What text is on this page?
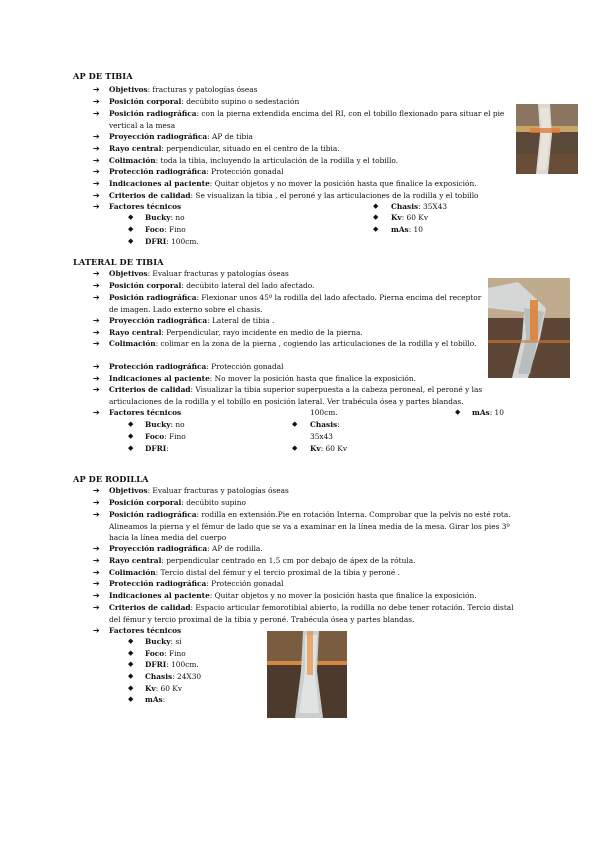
AP DE TIBIA
➔ Objetivos: fracturas y patologías óseas
➔ Posición corporal: decúbito supino o sedestación
➔ Posición radiográfica: con la pierna extendida encima del RI, con el tobillo flexionado para situar el pie vertical a la mesa
➔ Proyección radiográfica: AP de tibia
➔ Rayo central: perpendicular, situado en el centro de la tibia.
➔ Colimación: toda la tibia, incluyendo la articulación de la rodilla y el tobillo.
➔ Protección radiográfica: Protección gonadal
➔ Indicaciones al paciente: Quitar objetos y no mover la posición hasta que finalice la exposición.
➔ Criterios de calidad: Se visualizan la tibia , el peroné y las articulaciones de la rodilla y el tobillo
➔ Factores técnicos
◆ Bucky: no
◆ Foco: Fino
◆ DFRI: 100cm.
◆ Chasis: 35X43
◆ Kv: 60 Kv
◆ mAs: 10
LATERAL DE TIBIA
➔ Objetivos: Evaluar fracturas y patologías óseas
➔ Posición corporal: decúbito lateral del lado afectado.
➔ Posición radiográfica: Flexionar unos 45º la rodilla del lado afectado. Pierna encima del receptor de imagen. Lado externo sobre el chasis.
➔ Proyección radiográfica: Lateral de tibia .
➔ Rayo central: Perpendicular, rayo incidente en medio de la pierna.
➔ Colimación: colimar en la zona de la pierna , cogiendo las articulaciones de la rodilla y el tobillo.
➔ Protección radiográfica: Protección gonadal
➔ Indicaciones al paciente: No mover la posición hasta que finalice la exposición.
➔ Criterios de calidad: Visualizar la tibia superior superpuesta a la cabeza peroneal, el peroné y las articulaciones de la rodilla y el tobillo en posición lateral. Ver trabécula ósea y partes blandas.
➔ Factores técnicos
◆ Bucky: no
◆ Foco: Fino
◆ DFRI:
100cm.
◆ Chasis:
35x43
◆ Kv: 60 Kv
◆ mAs: 10
AP DE RODILLA
➔ Objetivos: Evaluar fracturas y patologías óseas
➔ Posición corporal: decúbito supino
➔ Posición radiográfica: rodilla en extensión.Pie en rotación Interna. Comprobar que la pelvis no esté rota. Alineamos la pierna y el fémur de lado que se va a examinar en la línea media de la mesa. Girar los pies 3º hacia la línea media del cuerpo
➔ Proyección radiográfica: AP de rodilla.
➔ Rayo central: perpendicular centrado en 1,5 cm por debajo de ápex de la rótula.
➔ Colimación: Tercio distal del fémur y el tercio proximal de la tibia y peroné .
➔ Protección radiográfica: Protección gonadal
➔ Indicaciones al paciente: Quitar objetos y no mover la posición hasta que finalice la exposición.
➔ Criterios de calidad: Espacio articular femorotibial abierto, la rodilla no debe tener rotación. Tercio distal del fémur y tercio proximal de la tibia y peroné. Trabécula ósea y partes blandas.
➔ Factores técnicos
◆ Bucky: si
◆ Foco: Fino
◆ DFRI: 100cm.
◆ Chasis: 24X30
◆ Kv: 60 Kv
◆ mAs:
